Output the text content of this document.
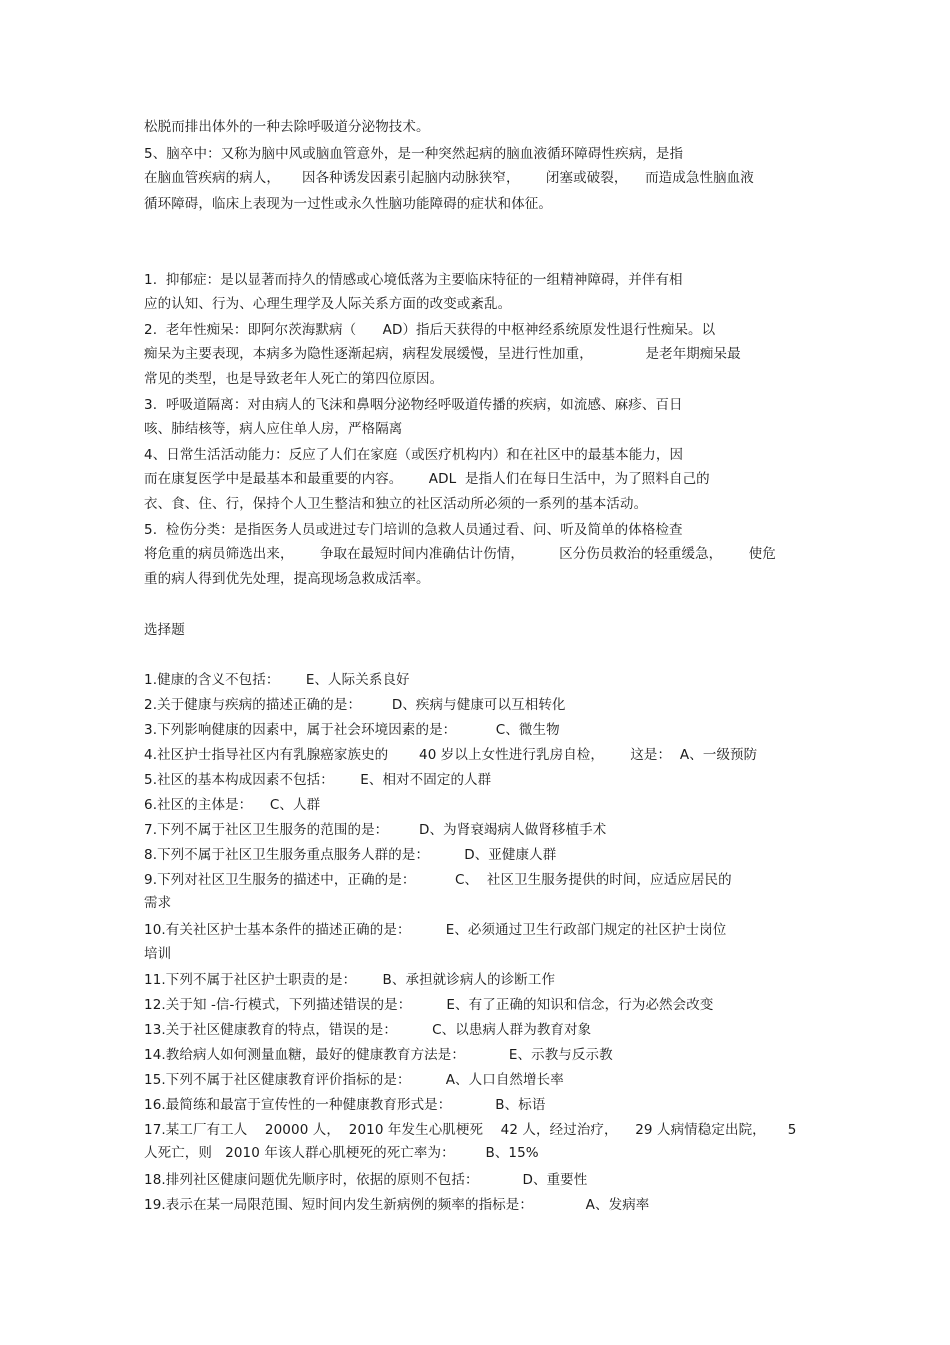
松脱而排出体外的一种去除呼吸道分泌物技术。
5、脑卒中：又称为脑中风或脑血管意外，是一种突然起病的脑血液循环障碍性疾病，是指
在脑血管疾病的病人，     因各种诱发因素引起脑内动脉狭窄，      闭塞或破裂，    而造成急性脑血液
循环障碍，临床上表现为一过性或永久性脑功能障碍的症状和体征。
1.  抑郁症：是以显著而持久的情感或心境低落为主要临床特征的一组精神障碍，并伴有相
应的认知、行为、心理生理学及人际关系方面的改变或紊乱。
2.  老年性痴呆：即阿尔茨海默病（      AD）指后天获得的中枢神经系统原发性退行性痴呆。以
痴呆为主要表现，本病多为隐性逐渐起病，病程发展缓慢，呈进行性加重，            是老年期痴呆最
常见的类型，也是导致老年人死亡的第四位原因。
3.  呼吸道隔离：对由病人的飞沫和鼻咽分泌物经呼吸道传播的疾病，如流感、麻疹、百日
咳、肺结核等，病人应住单人房，严格隔离
4、日常生活活动能力：反应了人们在家庭（或医疗机构内）和在社区中的最基本能力，因
而在康复医学中是最基本和最重要的内容。      ADL  是指人们在每日生活中，为了照料自己的
衣、食、住、行，保持个人卫生整洁和独立的社区活动所必须的一系列的基本活动。
5.  检伤分类：是指医务人员或进过专门培训的急救人员通过看、问、听及简单的体格检查
将危重的病员筛选出来，      争取在最短时间内准确估计伤情，        区分伤员救治的轻重缓急，      使危
重的病人得到优先处理，提高现场急救成活率。
选择题
1.健康的含义不包括：      E、人际关系良好
2.关于健康与疾病的描述正确的是：       D、疾病与健康可以互相转化
3.下列影响健康的因素中，属于社会环境因素的是：         C、微生物
4.社区护士指导社区内有乳腺癌家族史的       40 岁以上女性进行乳房自检，      这是：  A、一级预防
5.社区的基本构成因素不包括：      E、相对不固定的人群
6.社区的主体是：    C、人群
7.下列不属于社区卫生服务的范围的是：       D、为肾衰竭病人做肾移植手术
8.下列不属于社区卫生服务重点服务人群的是：        D、亚健康人群
9.下列对社区卫生服务的描述中，正确的是：         C、  社区卫生服务提供的时间，应适应居民的
需求
10.有关社区护士基本条件的描述正确的是：        E、必须通过卫生行政部门规定的社区护士岗位
培训
11.下列不属于社区护士职责的是：      B、承担就诊病人的诊断工作
12.关于知 -信-行模式，下列描述错误的是：        E、有了正确的知识和信念，行为必然会改变
13.关于社区健康教育的特点，错误的是：        C、以患病人群为教育对象
14.教给病人如何测量血糖，最好的健康教育方法是：          E、示教与反示教
15.下列不属于社区健康教育评价指标的是：        A、人口自然增长率
16.最简练和最富于宣传性的一种健康教育形式是：          B、标语
17.某工厂有工人    20000 人，  2010 年发生心肌梗死    42 人，经过治疗，    29 人病情稳定出院，     5
人死亡，则   2010 年该人群心肌梗死的死亡率为：       B、15%
18.排列社区健康问题优先顺序时，依据的原则不包括：          D、重要性
19.表示在某一局限范围、短时间内发生新病例的频率的指标是：            A、发病率
